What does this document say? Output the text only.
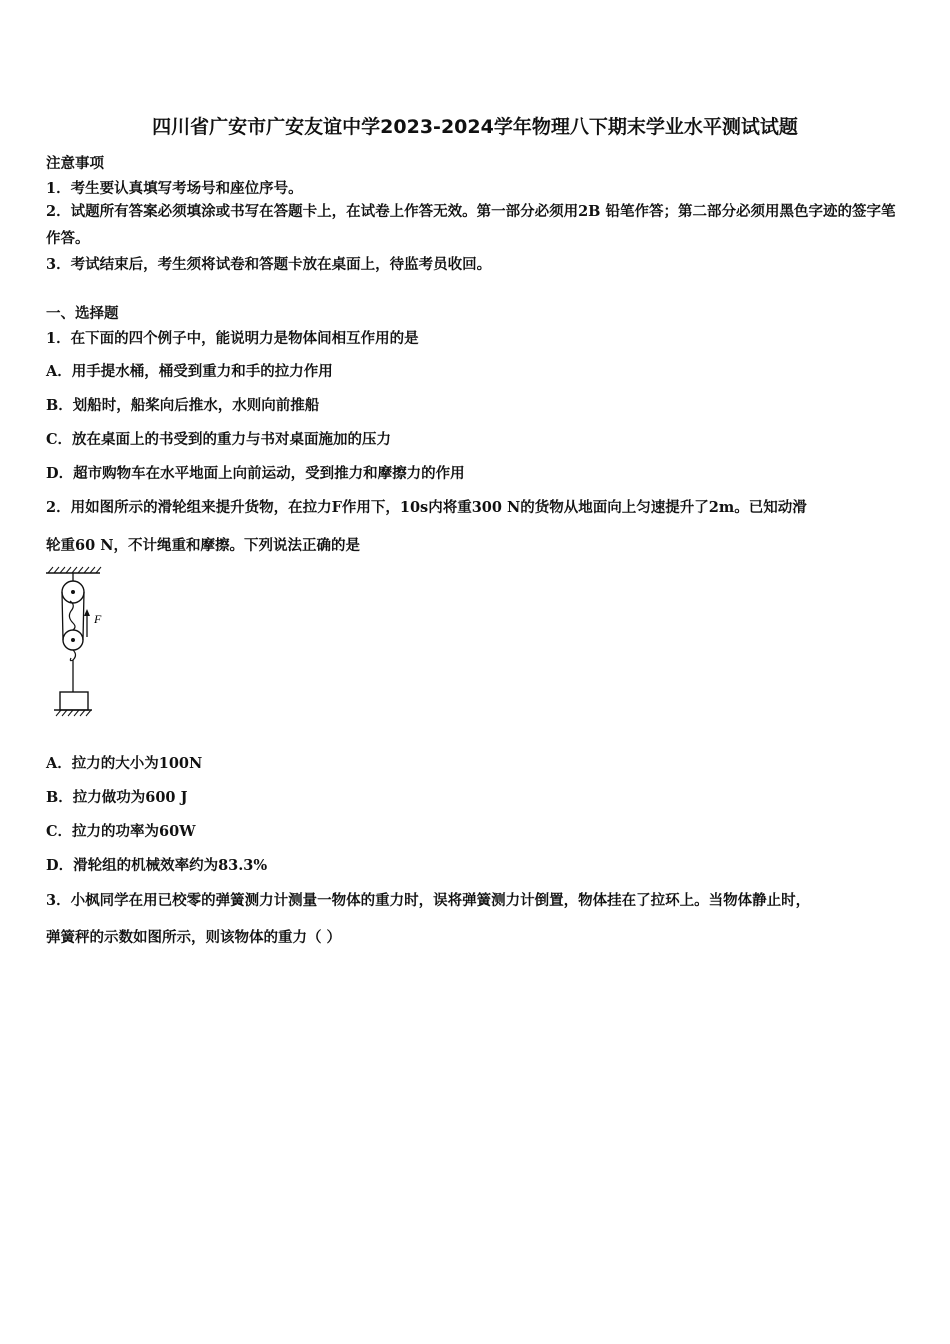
四川省广安市广安友谊中学2023-2024学年物理八下期末学业水平测试试题
注意事项
1．考生要认真填写考场号和座位序号。
2．试题所有答案必须填涂或书写在答题卡上，在试卷上作答无效。第一部分必须用2B 铅笔作答；第二部分必须用黑色字迹的签字笔作答。
3．考试结束后，考生须将试卷和答题卡放在桌面上，待监考员收回。
一、选择题
1．在下面的四个例子中，能说明力是物体间相互作用的是
A．用手提水桶，桶受到重力和手的拉力作用
B．划船时，船桨向后推水，水则向前推船
C．放在桌面上的书受到的重力与书对桌面施加的压力
D．超市购物车在水平地面上向前运动，受到推力和摩擦力的作用
2．用如图所示的滑轮组来提升货物，在拉力F作用下，10s内将重300 N的货物从地面向上匀速提升了2m。已知动滑
轮重60 N，不计绳重和摩擦。下列说法正确的是
F
A．拉力的大小为100N
B．拉力做功为600 J
C．拉力的功率为60W
D．滑轮组的机械效率约为83.3%
3．小枫同学在用已校零的弹簧测力计测量一物体的重力时，误将弹簧测力计倒置，物体挂在了拉环上。当物体静止时，
弹簧秤的示数如图所示，则该物体的重力（ ）
